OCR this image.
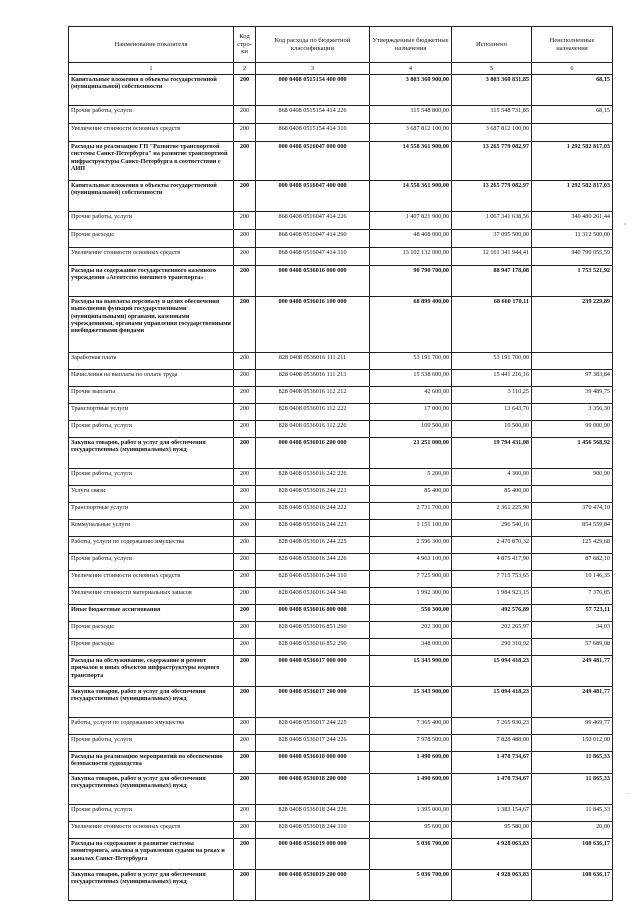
Наименование показателя	Код стро-ки	Код расхода по бюджетной классификации	Утвержденные бюджетные назначения	Исполнено	Неисполненные назначения
1	2	3	4	5	6
Капитальные вложения в объекты государственной (муниципальной) собственности	200	000 0408 0515154 400 000	3 803 360 900,00	3 803 360 831,85	68,15
Прочие работы, услуги	200	868 0408 0515154 414 226	115 548 800,00	115 548 731,85	68,15
Увеличение стоимости основных средств	200	868 0408 0515154 414 310	3 687 812 100,00	3 687 812 100,00	
Расходы на реализацию ГП "Развитие транспортной системы Санкт-Петербурга" на развитие транспортной инфраструктуры Санкт-Петербурга в соответствии с АИП	200	000 0408 0516047 000 000	14 558 361 900,00	13 265 779 082,97	1 292 582 817,03
Капитальные вложения в объекты государственной (муниципальной) собственности	200	000 0408 0516047 400 000	14 558 361 900,00	13 265 779 082,97	1 292 582 817,03
Прочие работы, услуги	200	868 0408 0516047 414 226	1 407 821 900,00	1 067 341 638,56	340 480 261,44
Прочие расходы	200	868 0408 0516047 414 290	48 408 000,00	37 095 500,00	11 312 500,00
Увеличение стоимости основных средств	200	868 0408 0516047 414 310	13 102 132 000,00	12 161 341 944,41	940 790 055,59
Расходы на содержание государственного казенного учреждения «Агентство внешнего транспорта»	200	000 0408 0536016 000 000	90 790 700,00	88 947 178,08	1 753 521,92
Расходы на выплаты персоналу в целях обеспечения выполнения функций государственными (муниципальными) органами, казенными учреждениями, органами управления государственными внебюджетными фондами	200	000 0408 0536016 100 000	68 899 400,00	68 660 170,11	239 229,89
Заработная плата	200	828 0408 0536016 111 211	53 191 700,00	53 191 700,00	
Начисления на выплаты по оплате труда	200	828 0408 0536016 111 213	15 538 600,00	15 441 216,16	97 383,84
Прочие выплаты	200	828 0408 0536016 112 212	42 600,00	3 110,25	39 489,75
Транспортные услуги	200	828 0408 0536016 112 222	17 000,00	13 643,70	3 356,30
Прочие работы, услуги	200	828 0408 0536016 112 226	109 500,00	10 500,00	99 000,00
Закупка товаров, работ и услуг для обеспечения государственных (муниципальных) нужд	200	000 0408 0536016 200 000	21 251 000,00	19 794 431,08	1 456 568,92
Прочие работы, услуги	200	828 0408 0536016 242 226	5 200,00	4 300,00	900,00
Услуги связи	200	828 0408 0536016 244 221	85 400,00	85 400,00	
Транспортные услуги	200	828 0408 0536016 244 222	2 731 700,00	2 361 225,90	370 474,10
Коммунальные услуги	200	828 0408 0536016 244 223	1 151 100,00	296 540,16	854 559,84
Работы, услуги по содержанию имущества	200	828 0408 0536016 244 225	2 596 300,00	2 470 870,32	125 429,68
Прочие работы, услуги	200	828 0408 0536016 244 226	4 963 100,00	4 875 417,90	87 682,10
Увеличение стоимости основных средств	200	828 0408 0536016 244 310	7 725 900,00	7 715 753,65	10 146,35
Увеличение стоимости материальных запасов	200	828 0408 0536016 244 340	1 992 300,00	1 984 923,15	7 376,85
Иные бюджетные ассигнования	200	000 0408 0536016 800 000	550 300,00	492 576,89	57 723,11
Прочие расходы	200	828 0408 0536016 851 290	202 300,00	202 265,97	34,03
Прочие расходы	200	828 0408 0536016 852 290	348 000,00	290 310,92	57 689,08
Расходы на обслуживание, содержание и ремонт причалов и иных объектов инфраструктуры водного транспорта	200	000 0408 0536017 000 000	15 343 900,00	15 094 418,23	249 481,77
Закупка товаров, работ и услуг для обеспечения государственных (муниципальных) нужд	200	000 0408 0536017 200 000	15 343 900,00	15 094 418,23	249 481,77
Работы, услуги по содержанию имущества	200	828 0408 0536017 244 225	7 365 400,00	7 265 930,23	99 469,77
Прочие работы, услуги	200	828 0408 0536017 244 226	7 978 500,00	7 828 488,00	150 012,00
Расходы на реализацию мероприятий по обеспечению безопасности судоходства	200	000 0408 0536018 000 000	1 490 600,00	1 478 734,67	11 865,33
Закупка товаров, работ и услуг для обеспечения государственных (муниципальных) нужд	200	000 0408 0536018 200 000	1 490 600,00	1 478 734,67	11 865,33
Прочие работы, услуги	200	828 0408 0536018 244 226	1 395 000,00	1 383 154,67	11 845,33
Увеличение стоимости основных средств	200	828 0408 0536018 244 310	95 600,00	95 580,00	20,00
Расходы на содержание и развитие системы мониторинга, анализа и управления судами на реках и каналах Санкт-Петербурга	200	000 0408 0536019 000 000	5 036 700,00	4 928 063,83	108 636,17
Закупка товаров, работ и услуг для обеспечения государственных (муниципальных) нужд	200	000 0408 0536019 200 000	5 036 700,00	4 928 063,83	108 636,17
‹
·
